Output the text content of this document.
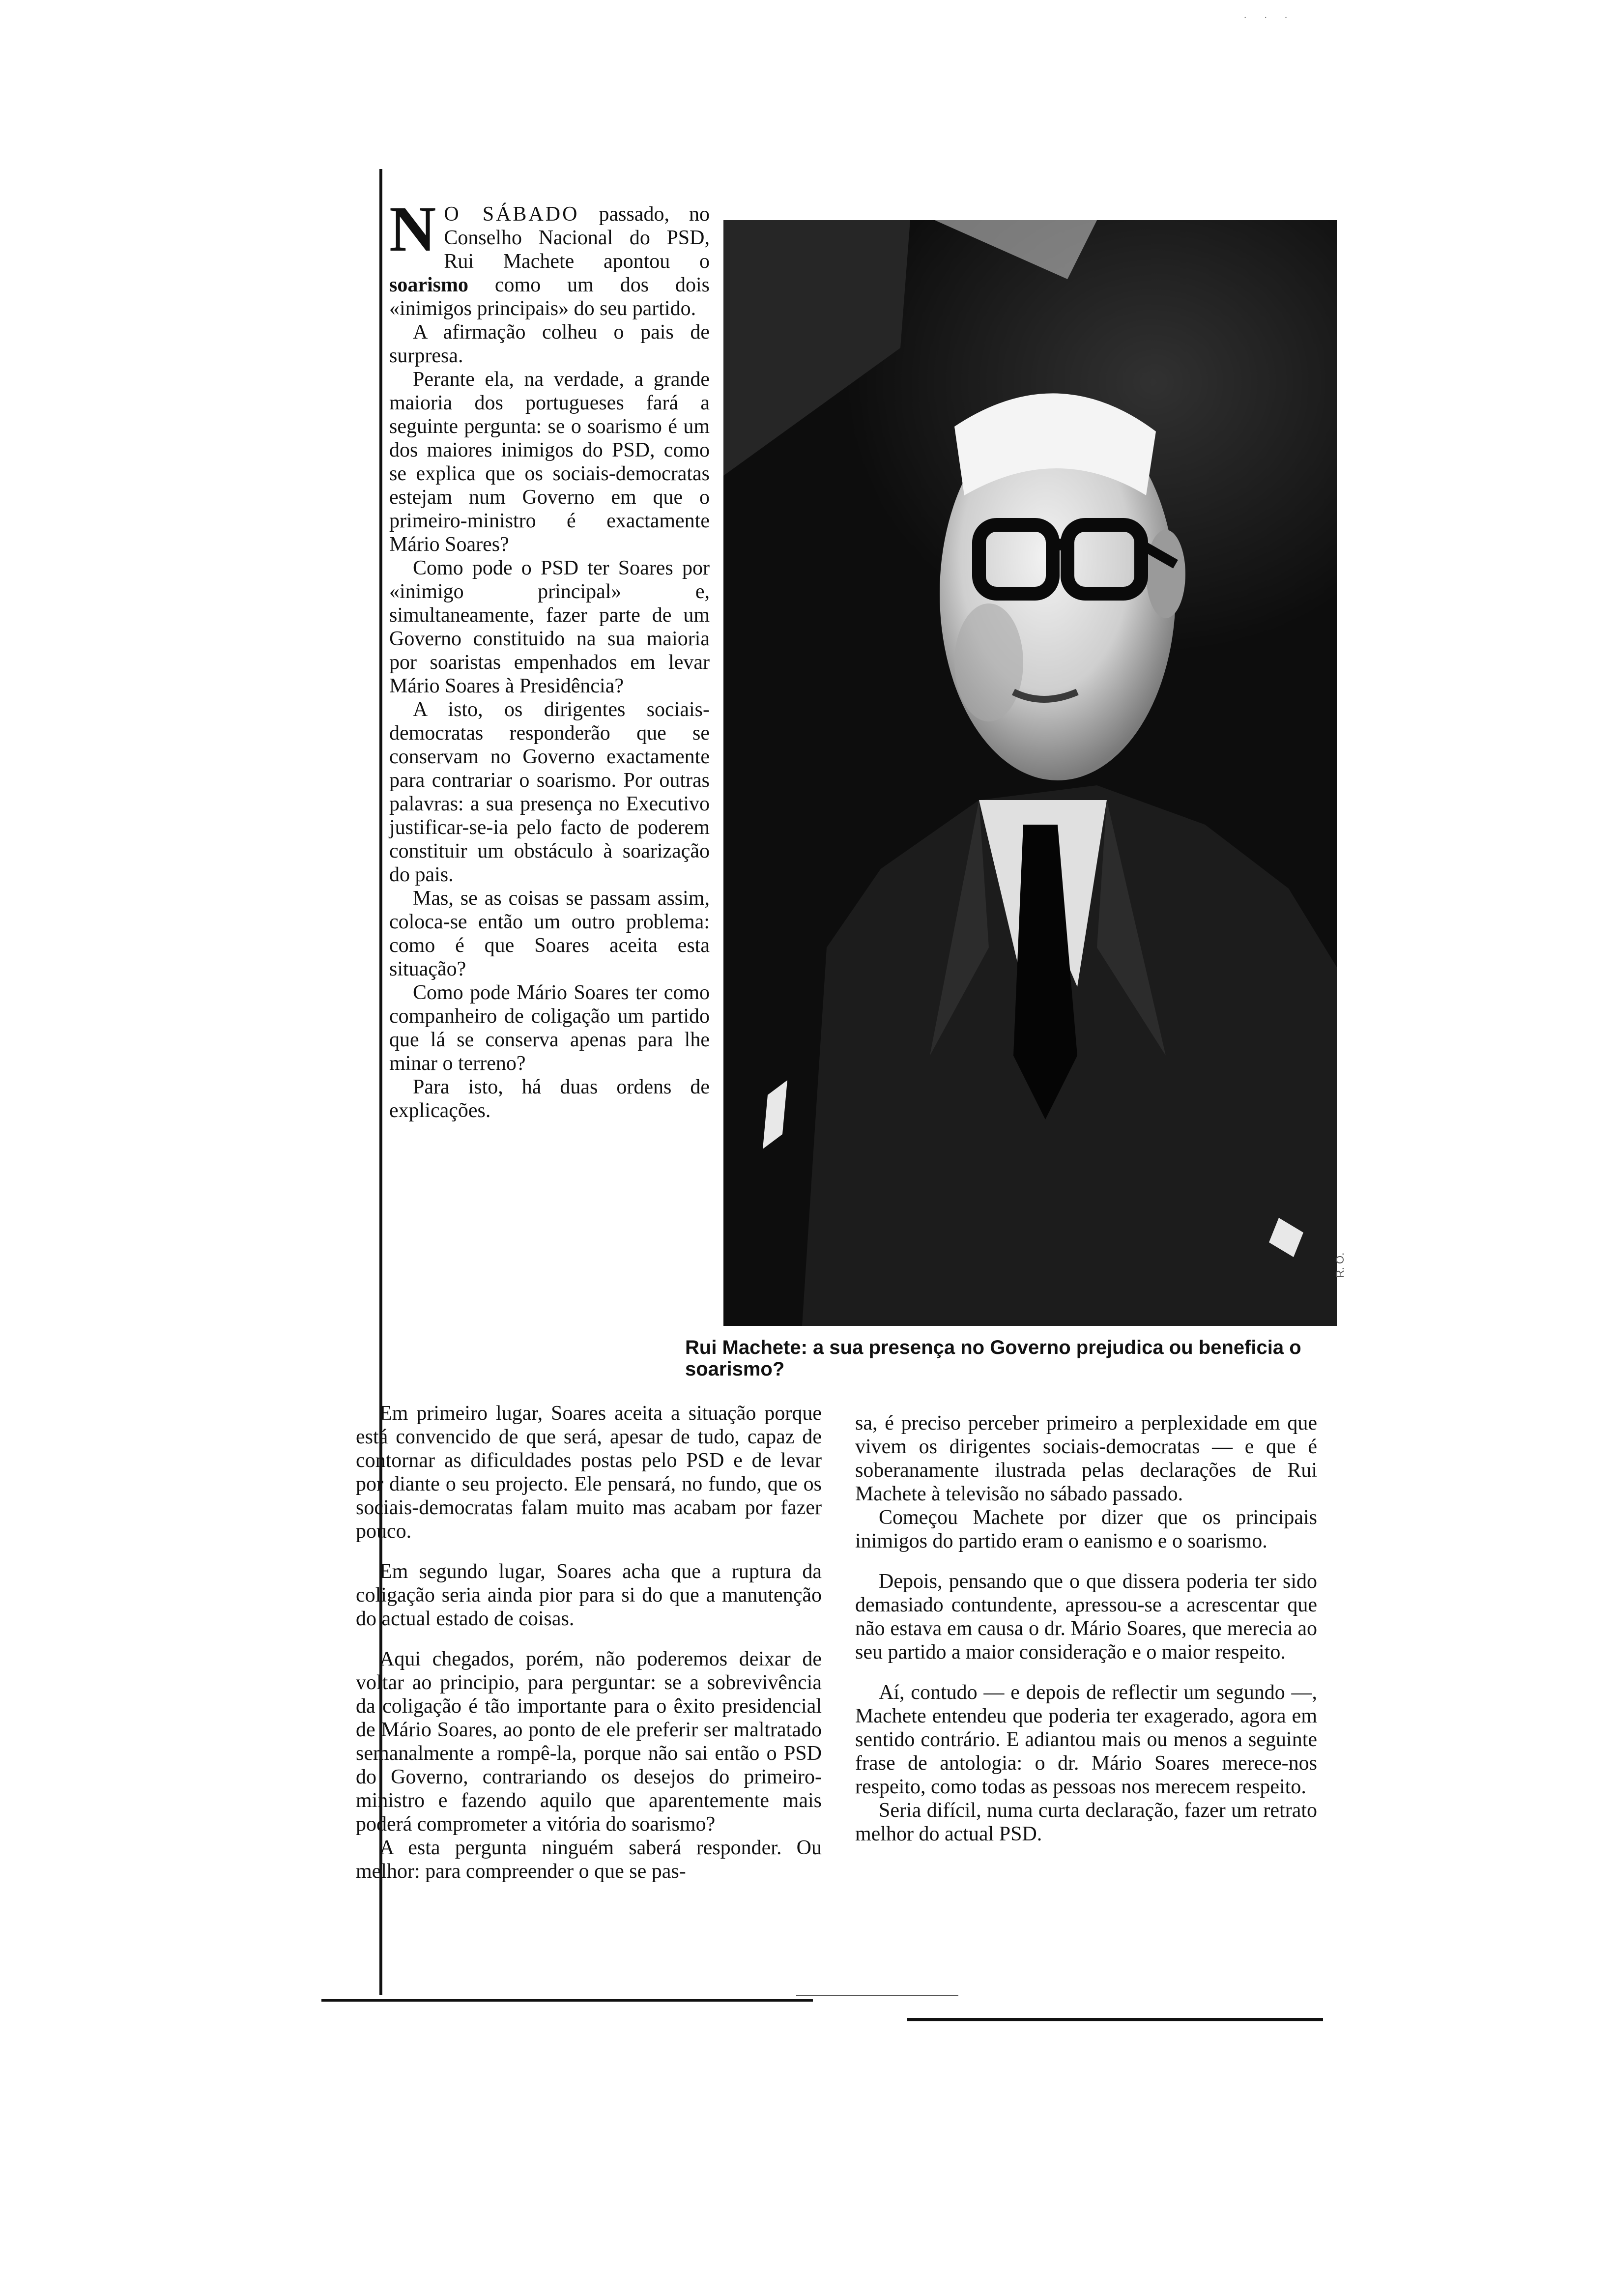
· · ·

N O SÁBADO passado, no Conselho Nacional do PSD, Rui Machete apontou o soarismo como um dos dois «inimigos principais» do seu partido.

A afirmação colheu o pais de surpresa.

Perante ela, na verdade, a grande maioria dos portugueses fará a seguinte pergunta: se o soarismo é um dos maiores inimigos do PSD, como se explica que os sociais-democratas estejam num Governo em que o primeiro-ministro é exactamente Mário Soares?

Como pode o PSD ter Soares por «inimigo principal» e, simultaneamente, fazer parte de um Governo constituido na sua maioria por soaristas empenhados em levar Mário Soares à Presidência?

A isto, os dirigentes sociais-democratas responderão que se conservam no Governo exactamente para contrariar o soarismo. Por outras palavras: a sua presença no Executivo justificar-se-ia pelo facto de poderem constituir um obstáculo à soarização do pais.

Mas, se as coisas se passam assim, coloca-se então um outro problema: como é que Soares aceita esta situação?

Como pode Mário Soares ter como companheiro de coligação um partido que lá se conserva apenas para lhe minar o terreno?

Para isto, há duas ordens de explicações.

R. O.
Rui Machete: a sua presença no Governo prejudica ou beneficia o soarismo?

Em primeiro lugar, Soares aceita a situação porque está convencido de que será, apesar de tudo, capaz de contornar as dificuldades postas pelo PSD e de levar por diante o seu projecto. Ele pensará, no fundo, que os sociais-democratas falam muito mas acabam por fazer pouco.

Em segundo lugar, Soares acha que a ruptura da coligação seria ainda pior para si do que a manutenção do actual estado de coisas.

Aqui chegados, porém, não poderemos deixar de voltar ao principio, para perguntar: se a sobrevivência da coligação é tão importante para o êxito presidencial de Mário Soares, ao ponto de ele preferir ser maltratado semanalmente a rompê-la, porque não sai então o PSD do Governo, contrariando os desejos do primeiro-ministro e fazendo aquilo que aparentemente mais poderá comprometer a vitória do soarismo?

A esta pergunta ninguém saberá responder. Ou melhor: para compreender o que se pas-

sa, é preciso perceber primeiro a perplexidade em que vivem os dirigentes sociais-democratas — e que é soberanamente ilustrada pelas declarações de Rui Machete à televisão no sábado passado.

Começou Machete por dizer que os principais inimigos do partido eram o eanismo e o soarismo.

Depois, pensando que o que dissera poderia ter sido demasiado contundente, apressou-se a acrescentar que não estava em causa o dr. Mário Soares, que merecia ao seu partido a maior consideração e o maior respeito.

Aí, contudo — e depois de reflectir um segundo —, Machete entendeu que poderia ter exagerado, agora em sentido contrário. E adiantou mais ou menos a seguinte frase de antologia: o dr. Mário Soares merece-nos respeito, como todas as pessoas nos merecem respeito.

Seria difícil, numa curta declaração, fazer um retrato melhor do actual PSD.
